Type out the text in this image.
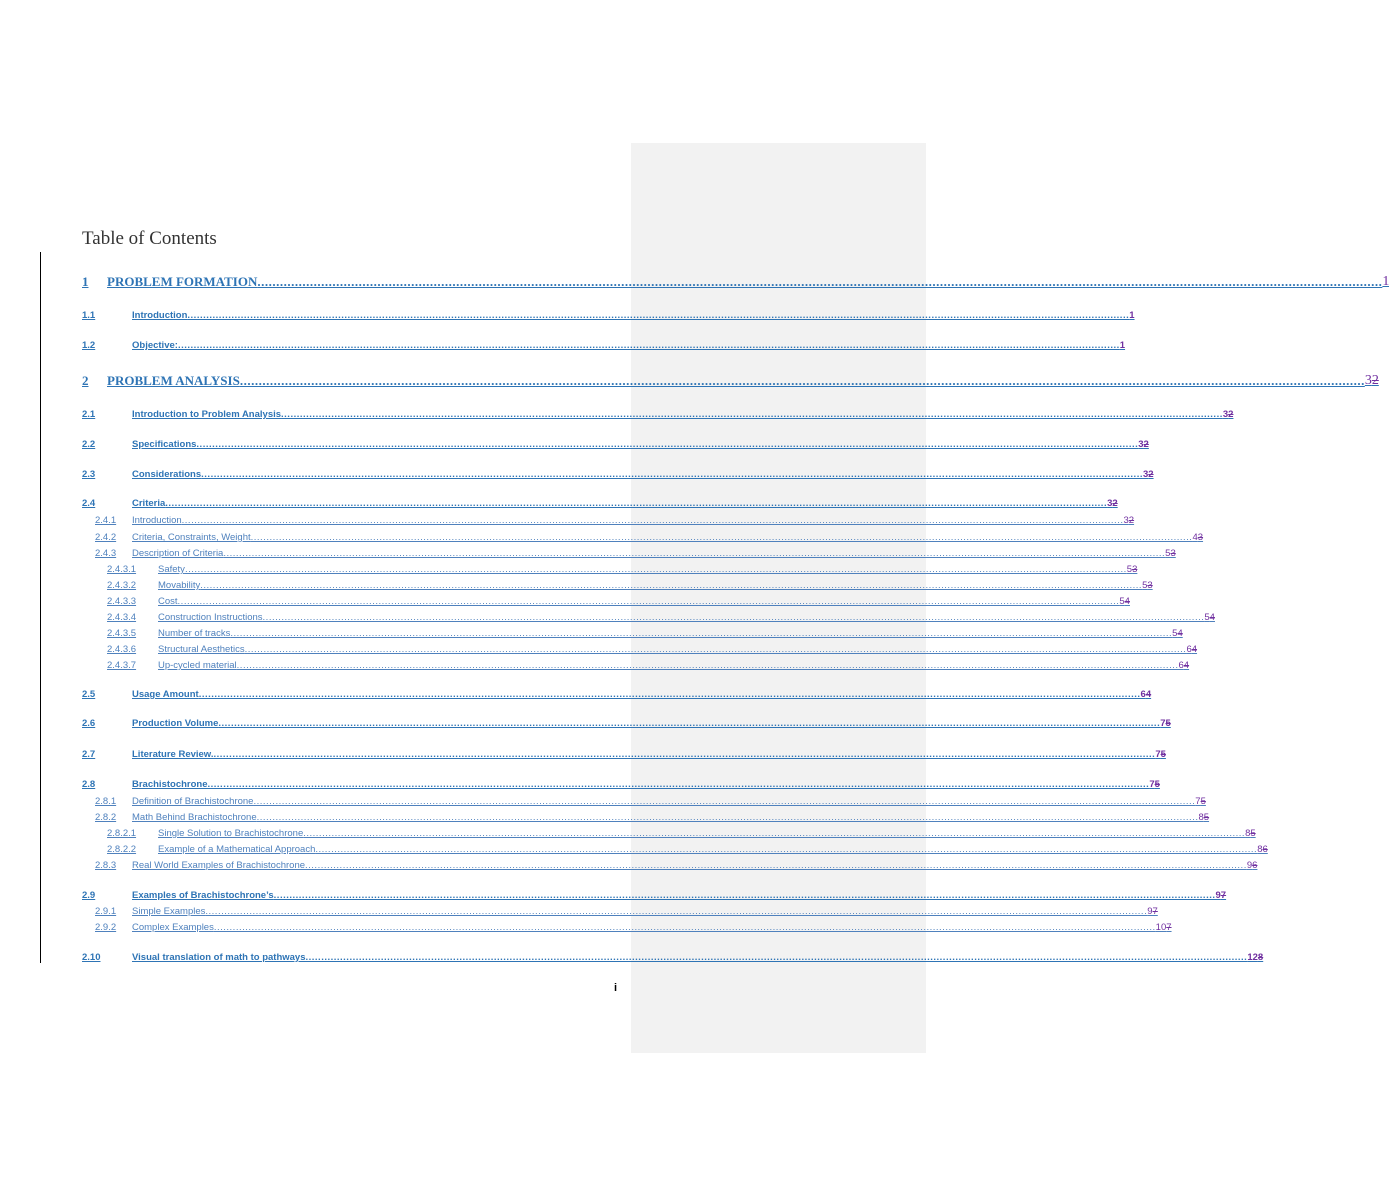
Table of Contents
1	PROBLEM FORMATION ............................................................................................................................................................................................................................................................................................................ 1
1.1	Introduction ............................................................................................................................................................................................................................................................................................................ 1
1.2	Objective: ............................................................................................................................................................................................................................................................................................................ 1
2	PROBLEM ANALYSIS ............................................................................................................................................................................................................................................................................................................ 32
2.1	Introduction to Problem Analysis ............................................................................................................................................................................................................................................................................................................ 32
2.2	Specifications ............................................................................................................................................................................................................................................................................................................ 32
2.3	Considerations ............................................................................................................................................................................................................................................................................................................ 32
2.4	Criteria ............................................................................................................................................................................................................................................................................................................ 32
2.4.1	Introduction ............................................................................................................................................................................................................................................................................................................ 32
2.4.2	Criteria, Constraints, Weight ............................................................................................................................................................................................................................................................................................................ 43
2.4.3	Description of Criteria ............................................................................................................................................................................................................................................................................................................ 53
2.4.3.1	Safety ............................................................................................................................................................................................................................................................................................................ 53
2.4.3.2	Movability ............................................................................................................................................................................................................................................................................................................ 53
2.4.3.3	Cost ............................................................................................................................................................................................................................................................................................................ 54
2.4.3.4	Construction Instructions ............................................................................................................................................................................................................................................................................................................ 54
2.4.3.5	Number of tracks ............................................................................................................................................................................................................................................................................................................ 54
2.4.3.6	Structural Aesthetics ............................................................................................................................................................................................................................................................................................................ 64
2.4.3.7	Up-cycled material ............................................................................................................................................................................................................................................................................................................ 64
2.5	Usage Amount ............................................................................................................................................................................................................................................................................................................ 64
2.6	Production Volume ............................................................................................................................................................................................................................................................................................................ 75
2.7	Literature Review. ............................................................................................................................................................................................................................................................................................................ 75
2.8	Brachistochrone ............................................................................................................................................................................................................................................................................................................ 75
2.8.1	Definition of Brachistochrone ............................................................................................................................................................................................................................................................................................................ 75
2.8.2	Math Behind Brachistochrone ............................................................................................................................................................................................................................................................................................................ 85
2.8.2.1	Single Solution to Brachistochrone ............................................................................................................................................................................................................................................................................................................ 85
2.8.2.2	Example of a Mathematical Approach ............................................................................................................................................................................................................................................................................................................ 86
2.8.3	Real World Examples of Brachistochrone ............................................................................................................................................................................................................................................................................................................ 96
2.9	Examples of Brachistochrone’s ............................................................................................................................................................................................................................................................................................................ 97
2.9.1	Simple Examples ............................................................................................................................................................................................................................................................................................................ 97
2.9.2	Complex Examples ............................................................................................................................................................................................................................................................................................................ 107
2.10	Visual translation of math to pathways ............................................................................................................................................................................................................................................................................................................ 128
i
